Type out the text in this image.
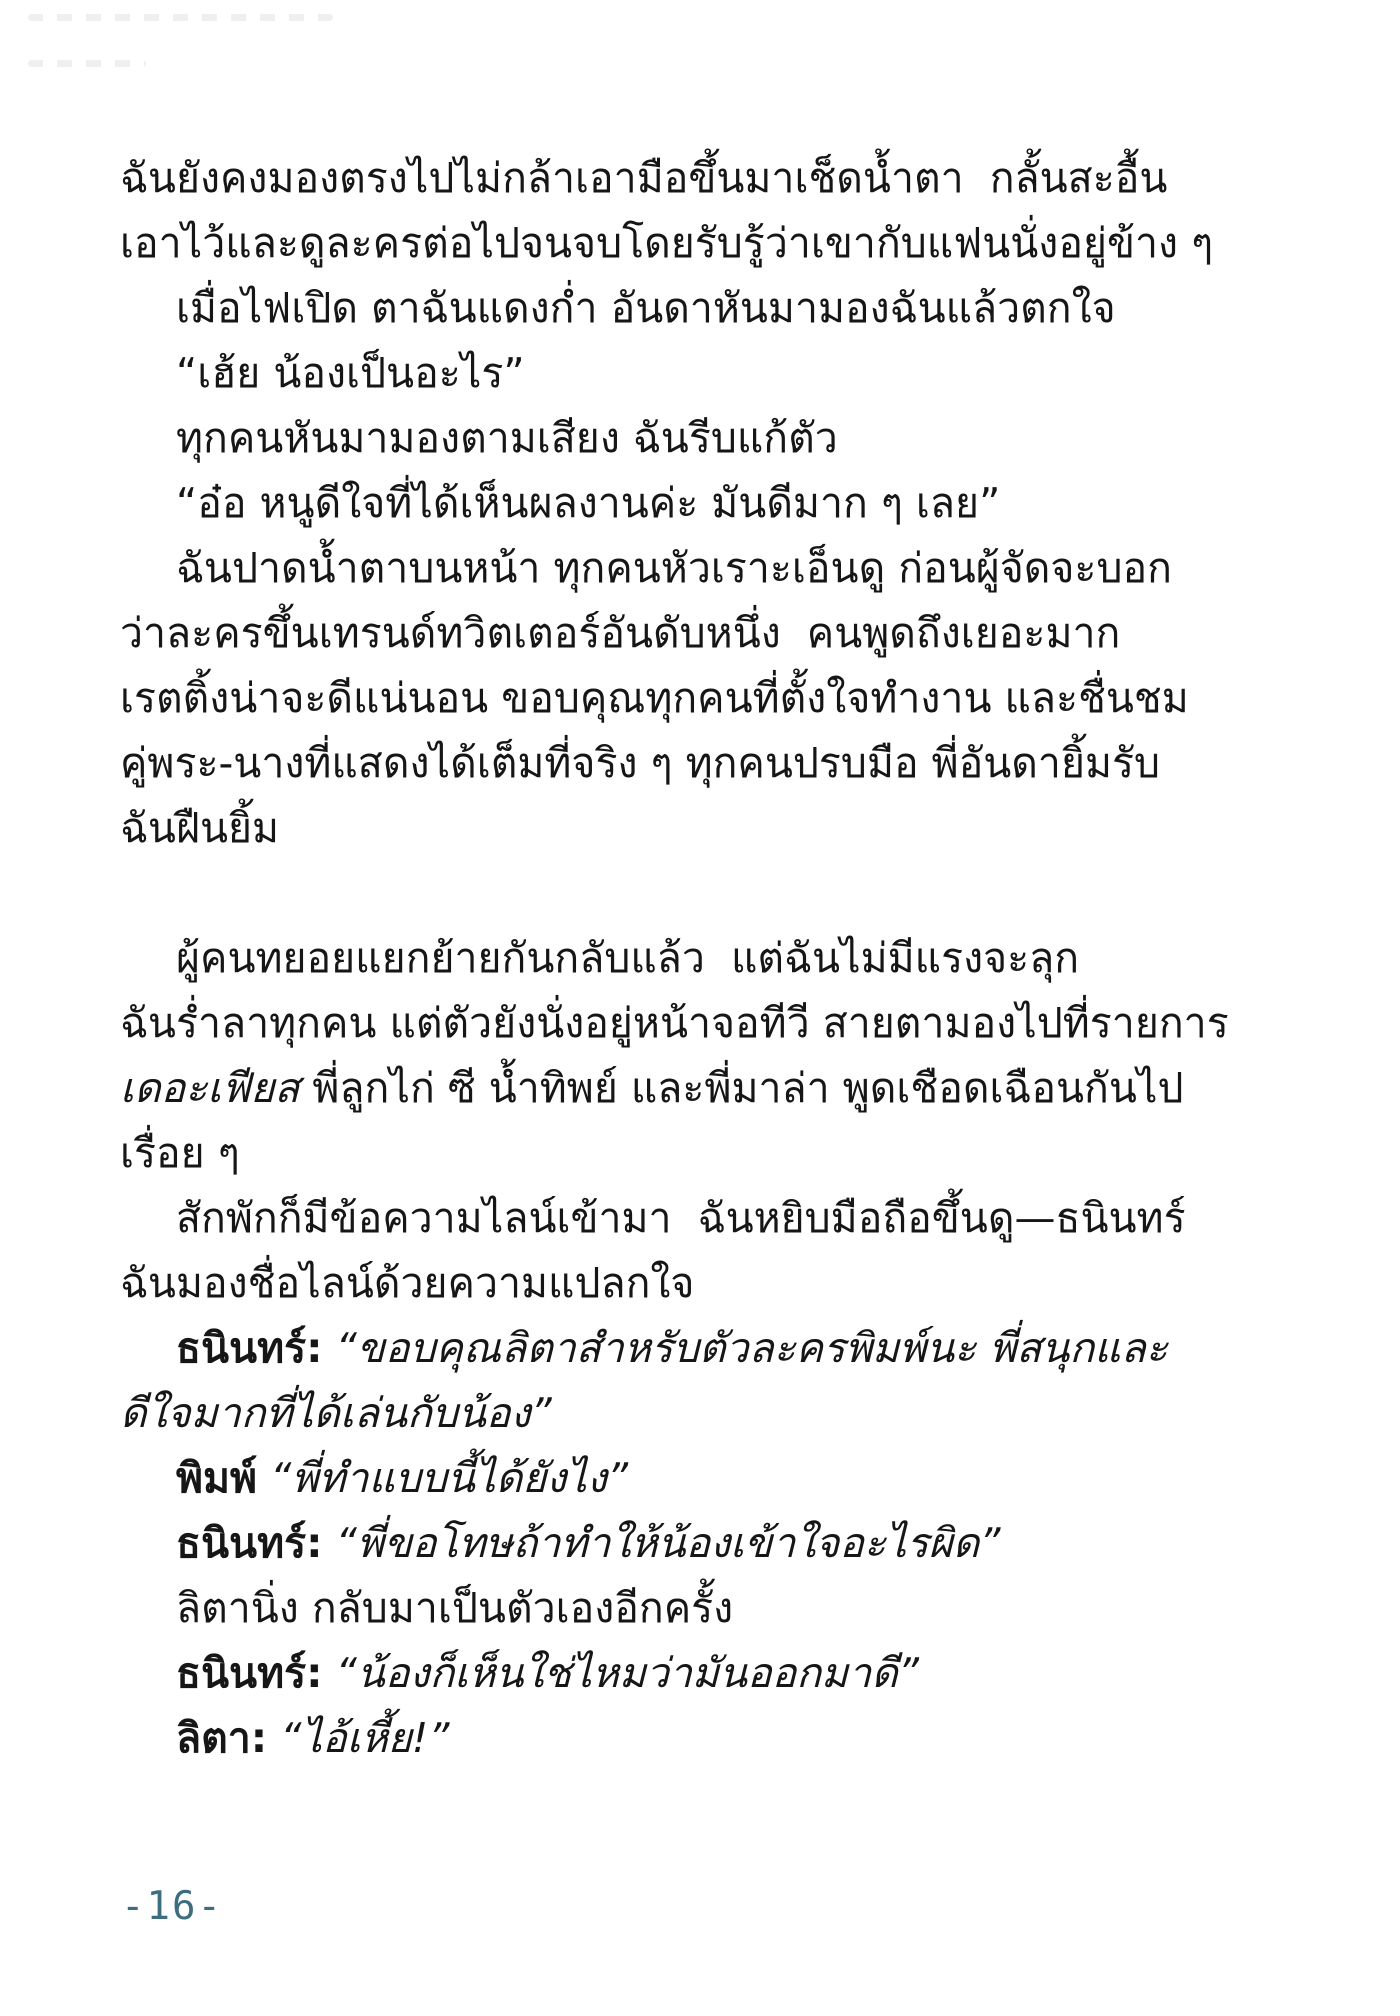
ฉันยังคงมองตรงไปไม่กล้าเอามือขึ้นมาเช็ดน้ำตา  กลั้นสะอื้น
เอาไว้และดูละครต่อไปจนจบโดยรับรู้ว่าเขากับแฟนนั่งอยู่ข้าง ๆ
เมื่อไฟเปิด ตาฉันแดงก่ำ อันดาหันมามองฉันแล้วตกใจ
“เฮ้ย น้องเป็นอะไร”
ทุกคนหันมามองตามเสียง ฉันรีบแก้ตัว
“อ๋อ หนูดีใจที่ได้เห็นผลงานค่ะ มันดีมาก ๆ เลย”
ฉันปาดน้ำตาบนหน้า ทุกคนหัวเราะเอ็นดู ก่อนผู้จัดจะบอก
ว่าละครขึ้นเทรนด์ทวิตเตอร์อันดับหนึ่ง  คนพูดถึงเยอะมาก
เรตติ้งน่าจะดีแน่นอน ขอบคุณทุกคนที่ตั้งใจทำงาน และชื่นชม
คู่พระ-นางที่แสดงได้เต็มที่จริง ๆ ทุกคนปรบมือ พี่อันดายิ้มรับ
ฉันฝืนยิ้ม
ผู้คนทยอยแยกย้ายกันกลับแล้ว  แต่ฉันไม่มีแรงจะลุก
ฉันร่ำลาทุกคน แต่ตัวยังนั่งอยู่หน้าจอทีวี สายตามองไปที่รายการ
เดอะเฟียส พี่ลูกไก่ ซี น้ำทิพย์ และพี่มาล่า พูดเชือดเฉือนกันไป
เรื่อย ๆ
สักพักก็มีข้อความไลน์เข้ามา  ฉันหยิบมือถือขึ้นดู—ธนินทร์
ฉันมองชื่อไลน์ด้วยความแปลกใจ
ธนินทร์: “ขอบคุณลิตาสำหรับตัวละครพิมพ์นะ พี่สนุกและ
ดีใจมากที่ได้เล่นกับน้อง”
พิมพ์ “พี่ทำแบบนี้ได้ยังไง”
ธนินทร์: “พี่ขอโทษถ้าทำให้น้องเข้าใจอะไรผิด”
ลิตานิ่ง กลับมาเป็นตัวเองอีกครั้ง
ธนินทร์: “น้องก็เห็นใช่ไหมว่ามันออกมาดี”
ลิตา: “ไอ้เหี้ย!”
-16-
